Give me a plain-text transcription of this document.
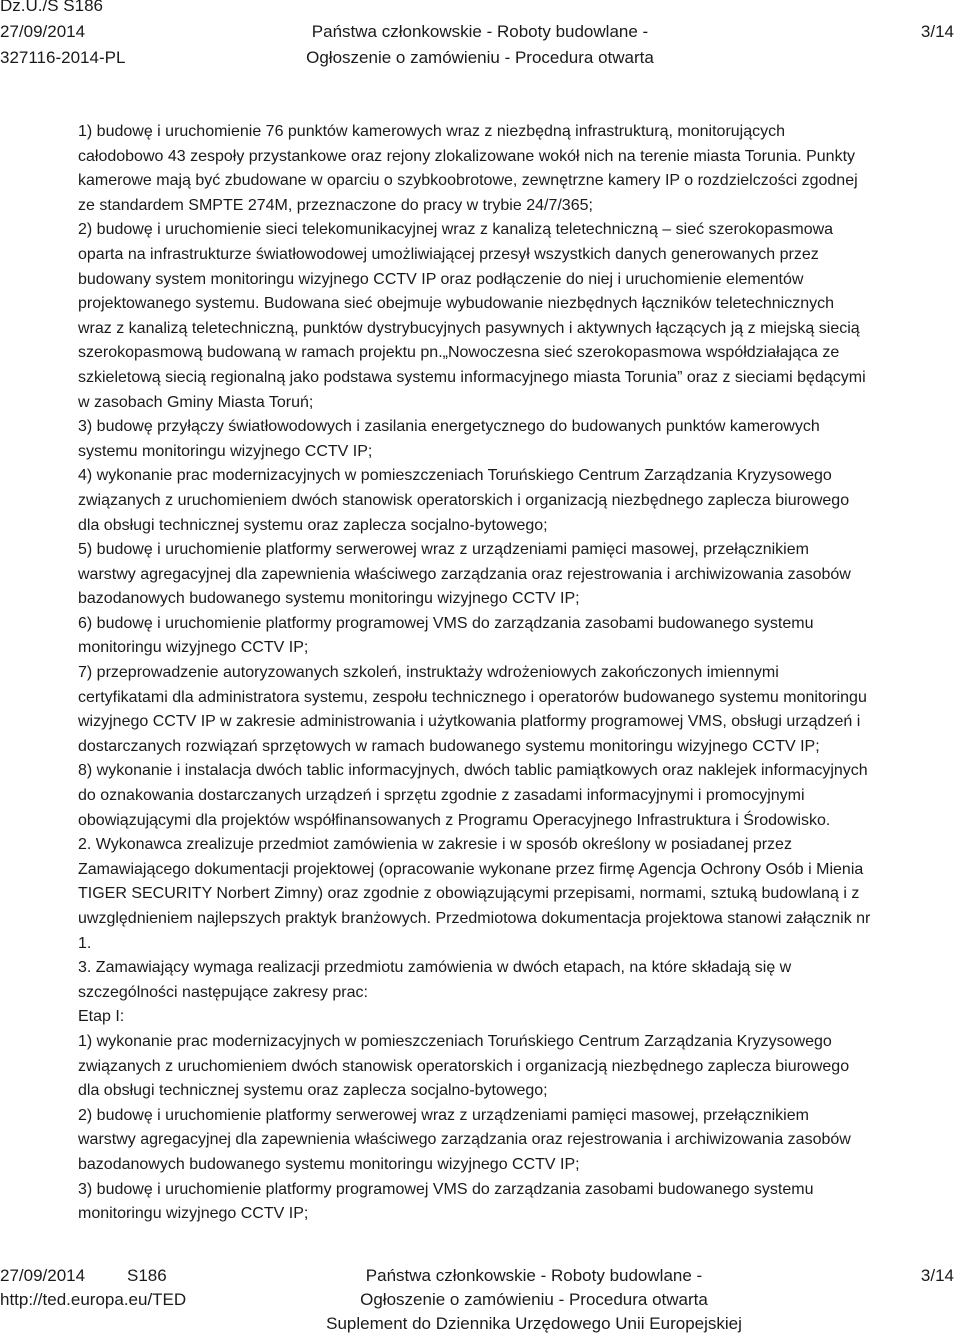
Dz.U./S S186
27/09/2014	Państwa członkowskie - Roboty budowlane -	3/14
327116-2014-PL	Ogłoszenie o zamówieniu - Procedura otwarta

1) budowę i uruchomienie 76 punktów kamerowych wraz z niezbędną infrastrukturą, monitorujących

całodobowo 43 zespoły przystankowe oraz rejony zlokalizowane wokół nich na terenie miasta Torunia. Punkty

kamerowe mają być zbudowane w oparciu o szybkoobrotowe, zewnętrzne kamery IP o rozdzielczości zgodnej

ze standardem SMPTE 274M, przeznaczone do pracy w trybie 24/7/365;

2) budowę i uruchomienie sieci telekomunikacyjnej wraz z kanalizą teletechniczną – sieć szerokopasmowa

oparta na infrastrukturze światłowodowej umożliwiającej przesył wszystkich danych generowanych przez

budowany system monitoringu wizyjnego CCTV IP oraz podłączenie do niej i uruchomienie elementów

projektowanego systemu. Budowana sieć obejmuje wybudowanie niezbędnych łączników teletechnicznych

wraz z kanalizą teletechniczną, punktów dystrybucyjnych pasywnych i aktywnych łączących ją z miejską siecią

szerokopasmową budowaną w ramach projektu pn.„Nowoczesna sieć szerokopasmowa współdziałająca ze

szkieletową siecią regionalną jako podstawa systemu informacyjnego miasta Torunia” oraz z sieciami będącymi

w zasobach Gminy Miasta Toruń;

3) budowę przyłączy światłowodowych i zasilania energetycznego do budowanych punktów kamerowych

systemu monitoringu wizyjnego CCTV IP;

4) wykonanie prac modernizacyjnych w pomieszczeniach Toruńskiego Centrum Zarządzania Kryzysowego

związanych z uruchomieniem dwóch stanowisk operatorskich i organizacją niezbędnego zaplecza biurowego

dla obsługi technicznej systemu oraz zaplecza socjalno-bytowego;

5) budowę i uruchomienie platformy serwerowej wraz z urządzeniami pamięci masowej, przełącznikiem

warstwy agregacyjnej dla zapewnienia właściwego zarządzania oraz rejestrowania i archiwizowania zasobów

bazodanowych budowanego systemu monitoringu wizyjnego CCTV IP;

6) budowę i uruchomienie platformy programowej VMS do zarządzania zasobami budowanego systemu

monitoringu wizyjnego CCTV IP;

7) przeprowadzenie autoryzowanych szkoleń, instruktaży wdrożeniowych zakończonych imiennymi

certyfikatami dla administratora systemu, zespołu technicznego i operatorów budowanego systemu monitoringu

wizyjnego CCTV IP w zakresie administrowania i użytkowania platformy programowej VMS, obsługi urządzeń i

dostarczanych rozwiązań sprzętowych w ramach budowanego systemu monitoringu wizyjnego CCTV IP;

8) wykonanie i instalacja dwóch tablic informacyjnych, dwóch tablic pamiątkowych oraz naklejek informacyjnych

do oznakowania dostarczanych urządzeń i sprzętu zgodnie z zasadami informacyjnymi i promocyjnymi

obowiązującymi dla projektów współfinansowanych z Programu Operacyjnego Infrastruktura i Środowisko.

2. Wykonawca zrealizuje przedmiot zamówienia w zakresie i w sposób określony w posiadanej przez

Zamawiającego dokumentacji projektowej (opracowanie wykonane przez firmę Agencja Ochrony Osób i Mienia

TIGER SECURITY Norbert Zimny) oraz zgodnie z obowiązującymi przepisami, normami, sztuką budowlaną i z

uwzględnieniem najlepszych praktyk branżowych. Przedmiotowa dokumentacja projektowa stanowi załącznik nr

1.

3. Zamawiający wymaga realizacji przedmiotu zamówienia w dwóch etapach, na które składają się w

szczególności następujące zakresy prac:

Etap I:

1) wykonanie prac modernizacyjnych w pomieszczeniach Toruńskiego Centrum Zarządzania Kryzysowego

związanych z uruchomieniem dwóch stanowisk operatorskich i organizacją niezbędnego zaplecza biurowego

dla obsługi technicznej systemu oraz zaplecza socjalno-bytowego;

2) budowę i uruchomienie platformy serwerowej wraz z urządzeniami pamięci masowej, przełącznikiem

warstwy agregacyjnej dla zapewnienia właściwego zarządzania oraz rejestrowania i archiwizowania zasobów

bazodanowych budowanego systemu monitoringu wizyjnego CCTV IP;

3) budowę i uruchomienie platformy programowej VMS do zarządzania zasobami budowanego systemu

monitoringu wizyjnego CCTV IP;

27/09/2014 S186	Państwa członkowskie - Roboty budowlane -	3/14
http://ted.europa.eu/TED	Ogłoszenie o zamówieniu - Procedura otwarta
Suplement do Dziennika Urzędowego Unii Europejskiej
